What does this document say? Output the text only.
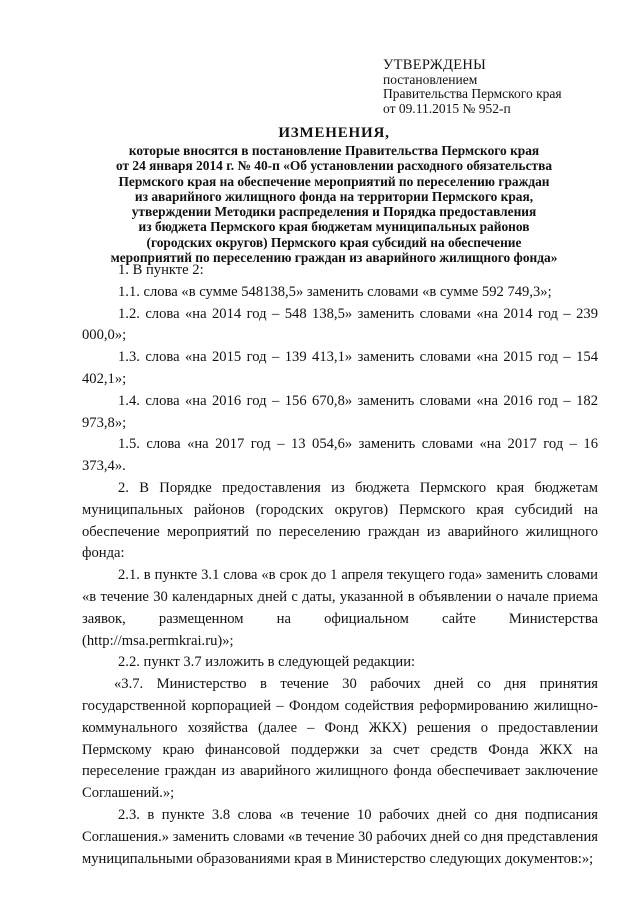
УТВЕРЖДЕНЫ
постановлением
Правительства Пермского края
от 09.11.2015 № 952-п
ИЗМЕНЕНИЯ,
которые вносятся в постановление Правительства Пермского края
от 24 января 2014 г. № 40-п «Об установлении расходного обязательства
Пермского края на обеспечение мероприятий по переселению граждан
из аварийного жилищного фонда на территории Пермского края,
утверждении Методики распределения и Порядка предоставления
из бюджета Пермского края бюджетам муниципальных районов
(городских округов) Пермского края субсидий на обеспечение
мероприятий по переселению граждан из аварийного жилищного фонда»

1. В пункте 2:

1.1. слова «в сумме 548138,5» заменить словами «в сумме 592 749,3»;

1.2. слова «на 2014 год – 548 138,5» заменить словами «на 2014 год – 239 000,0»;

1.3. слова «на 2015 год – 139 413,1» заменить словами «на 2015 год – 154 402,1»;

1.4. слова «на 2016 год – 156 670,8» заменить словами «на 2016 год – 182 973,8»;

1.5. слова «на 2017 год – 13 054,6» заменить словами «на 2017 год – 16 373,4».

2. В Порядке предоставления из бюджета Пермского края бюджетам муниципальных районов (городских округов) Пермского края субсидий на обеспечение мероприятий по переселению граждан из аварийного жилищного фонда:

2.1. в пункте 3.1 слова «в срок до 1 апреля текущего года» заменить словами «в течение 30 календарных дней с даты, указанной в объявлении о начале приема заявок, размещенном на официальном сайте Министерства (http://msa.permkrai.ru)»;

2.2. пункт 3.7 изложить в следующей редакции:

«3.7. Министерство в течение 30 рабочих дней со дня принятия государственной корпорацией – Фондом содействия реформированию жилищно-коммунального хозяйства (далее – Фонд ЖКХ) решения о предоставлении Пермскому краю финансовой поддержки за счет средств Фонда ЖКХ на переселение граждан из аварийного жилищного фонда обеспечивает заключение Соглашений.»;

2.3. в пункте 3.8 слова «в течение 10 рабочих дней со дня подписания Соглашения.» заменить словами «в течение 30 рабочих дней со дня представления муниципальными образованиями края в Министерство следующих документов:»;
